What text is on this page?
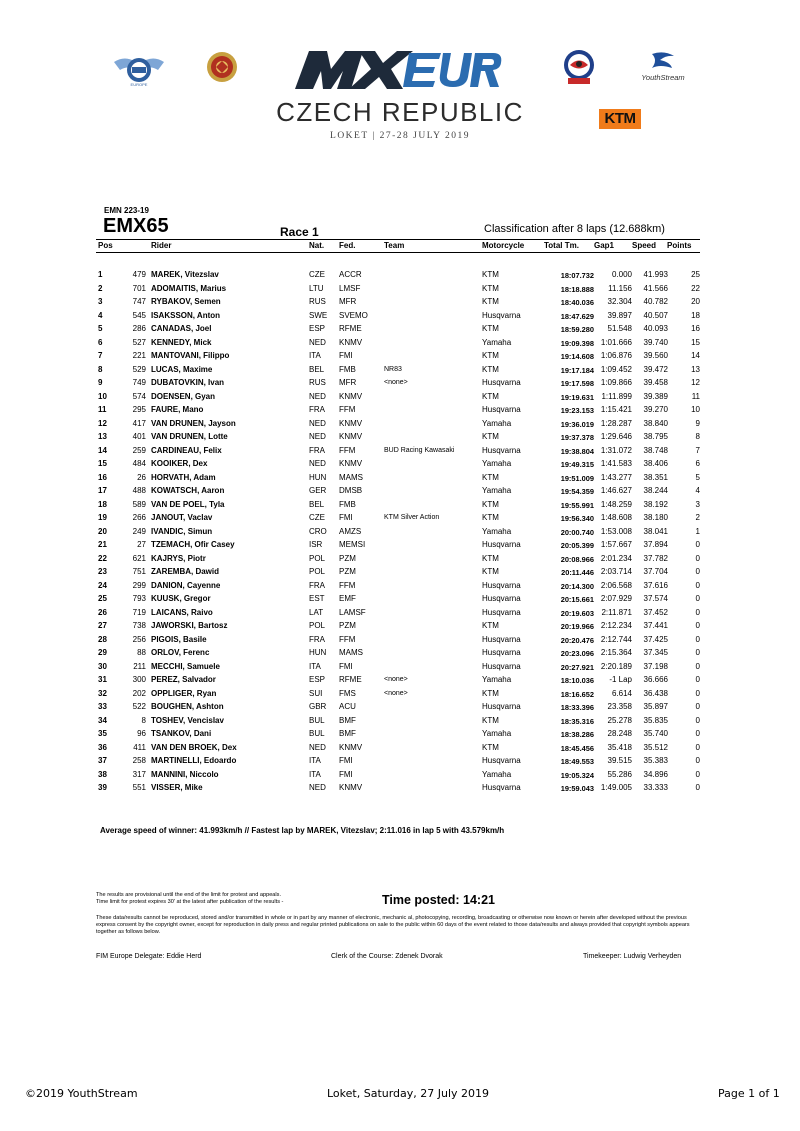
EUROPE
YouthStream
KTM
CZECH REPUBLIC
LOKET | 27-28 JULY 2019
EMN 223-19
EMX65	Race 1	Classification after 8 laps (12.688km)
Pos	Rider	Nat. Fed.	Team	Motorcycle Total Tm. Gap1 Speed Points
1	479 MAREK, Vitezslav	CZE ACCR	KTM	18:07.732	0.000	41.993	25
2	701 ADOMAITIS, Marius	LTU LMSF	KTM	18:18.888	11.156	41.566	22
3	747 RYBAKOV, Semen	RUS MFR	KTM	18:40.036	32.304	40.782	20
4	545 ISAKSSON, Anton	SWE SVEMO	Husqvarna	18:47.629	39.897	40.507	18
5	286 CANADAS, Joel	ESP RFME	KTM	18:59.280	51.548	40.093	16
6	527 KENNEDY, Mick	NED KNMV	Yamaha	19:09.398 1:01.666	39.740	15
7	221 MANTOVANI, Filippo	ITA FMI	KTM	19:14.608 1:06.876	39.560	14
8	529 LUCAS, Maxime	BEL FMB	NR83	KTM	19:17.184 1:09.452	39.472	13
9	749 DUBATOVKIN, Ivan	RUS MFR	<none>	Husqvarna	19:17.598 1:09.866	39.458	12
10	574 DOENSEN, Gyan	NED KNMV	KTM	19:19.631 1:11.899	39.389	11
11	295 FAURE, Mano	FRA FFM	Husqvarna	19:23.153 1:15.421	39.270	10
12	417 VAN DRUNEN, Jayson	NED KNMV	Yamaha	19:36.019 1:28.287	38.840	9
13	401 VAN DRUNEN, Lotte	NED KNMV	KTM	19:37.378 1:29.646	38.795	8
14	259 CARDINEAU, Felix	FRA FFM	BUD Racing Kawasaki	Husqvarna	19:38.804 1:31.072	38.748	7
15	484 KOOIKER, Dex	NED KNMV	Yamaha	19:49.315 1:41.583	38.406	6
16	26 HORVATH, Adam	HUN MAMS	KTM	19:51.009 1:43.277	38.351	5
17	488 KOWATSCH, Aaron	GER DMSB	Yamaha	19:54.359 1:46.627	38.244	4
18	589 VAN DE POEL, Tyla	BEL FMB	KTM	19:55.991 1:48.259	38.192	3
19	266 JANOUT, Vaclav	CZE FMI	KTM Silver Action	KTM	19:56.340 1:48.608	38.180	2
20	249 IVANDIC, Simun	CRO AMZS	Yamaha	20:00.740 1:53.008	38.041	1
21	27 TZEMACH, Ofir Casey	ISR MEMSI	Husqvarna	20:05.399 1:57.667	37.894	0
22	621 KAJRYS, Piotr	POL PZM	KTM	20:08.966 2:01.234	37.782	0
23	751 ZAREMBA, Dawid	POL PZM	KTM	20:11.446 2:03.714	37.704	0
24	299 DANION, Cayenne	FRA FFM	Husqvarna	20:14.300 2:06.568	37.616	0
25	793 KUUSK, Gregor	EST EMF	Husqvarna	20:15.661 2:07.929	37.574	0
26	719 LAICANS, Raivo	LAT LAMSF	Husqvarna	20:19.603 2:11.871	37.452	0
27	738 JAWORSKI, Bartosz	POL PZM	KTM	20:19.966 2:12.234	37.441	0
28	256 PIGOIS, Basile	FRA FFM	Husqvarna	20:20.476 2:12.744	37.425	0
29	88 ORLOV, Ferenc	HUN MAMS	Husqvarna	20:23.096 2:15.364	37.345	0
30	211 MECCHI, Samuele	ITA FMI	Husqvarna	20:27.921 2:20.189	37.198	0
31	300 PEREZ, Salvador	ESP RFME	<none>	Yamaha	18:10.036	-1 Lap	36.666	0
32	202 OPPLIGER, Ryan	SUI FMS	<none>	KTM	18:16.652	6.614	36.438	0
33	522 BOUGHEN, Ashton	GBR ACU	Husqvarna	18:33.396	23.358	35.897	0
34	8 TOSHEV, Vencislav	BUL BMF	KTM	18:35.316	25.278	35.835	0
35	96 TSANKOV, Dani	BUL BMF	Yamaha	18:38.286	28.248	35.740	0
36	411 VAN DEN BROEK, Dex	NED KNMV	KTM	18:45.456	35.418	35.512	0
37	258 MARTINELLI, Edoardo	ITA FMI	Husqvarna	18:49.553	39.515	35.383	0
38	317 MANNINI, Niccolo	ITA FMI	Yamaha	19:05.324	55.286	34.896	0
39	551 VISSER, Mike	NED KNMV	Husqvarna	19:59.043 1:49.005	33.333	0
Average speed of winner: 41.993km/h // Fastest lap by MAREK, Vitezslav; 2:11.016 in lap 5 with 43.579km/h
The results are provisional until the end of the limit for protest and appeals.
Time limit for protest expires 30' at the latest after publication of the results -	Time posted: 14:21
These data/results cannot be reproduced, stored and/or transmitted in whole or in part by any manner of electronic, mechanic al, photocopying, recording, broadcasting or otherwise now known or herein after developed without the previous express consent by the copyright owner, except for reproduction in daily press and regular printed publications on sale to the public within 60 days of the event related to those data/results and always provided that copyright symbols appears together as follows below.
FIM Europe Delegate: Eddie Herd	Clerk of the Course: Zdenek Dvorak	Timekeeper: Ludwig Verheyden
©2019 YouthStream	Loket, Saturday, 27 July 2019	Page 1 of 1
